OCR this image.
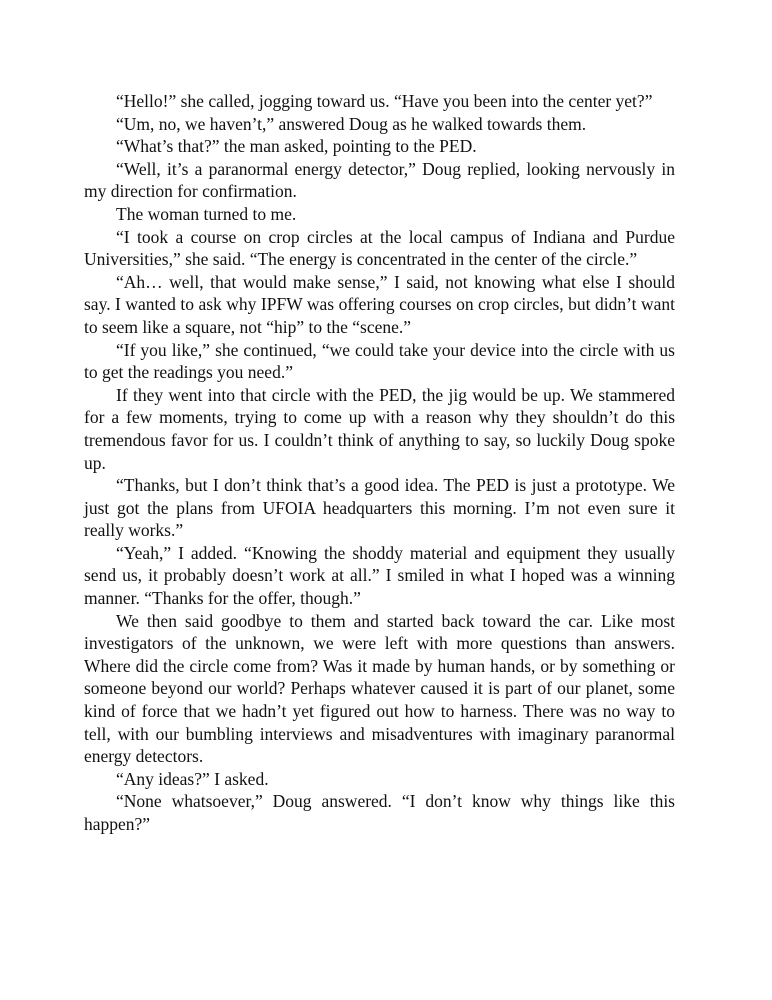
“Hello!” she called, jogging toward us. “Have you been into the center yet?”

“Um, no, we haven’t,” answered Doug as he walked towards them.

“What’s that?” the man asked, pointing to the PED.

“Well, it’s a paranormal energy detector,” Doug replied, looking nervously in my direction for confirmation.

The woman turned to me.

“I took a course on crop circles at the local campus of Indiana and Purdue Universities,” she said. “The energy is concentrated in the center of the circle.”

“Ah… well, that would make sense,” I said, not knowing what else I should say. I wanted to ask why IPFW was offering courses on crop circles, but didn’t want to seem like a square, not “hip” to the “scene.”

“If you like,” she continued, “we could take your device into the circle with us to get the readings you need.”

If they went into that circle with the PED, the jig would be up. We stammered for a few moments, trying to come up with a reason why they shouldn’t do this tremendous favor for us. I couldn’t think of anything to say, so luckily Doug spoke up.

“Thanks, but I don’t think that’s a good idea. The PED is just a prototype. We just got the plans from UFOIA headquarters this morning. I’m not even sure it really works.”

“Yeah,” I added. “Knowing the shoddy material and equipment they usually send us, it probably doesn’t work at all.” I smiled in what I hoped was a winning manner. “Thanks for the offer, though.”

We then said goodbye to them and started back toward the car. Like most investigators of the unknown, we were left with more questions than answers. Where did the circle come from? Was it made by human hands, or by something or someone beyond our world? Perhaps whatever caused it is part of our planet, some kind of force that we hadn’t yet figured out how to harness. There was no way to tell, with our bumbling interviews and misadventures with imaginary paranormal energy detectors.

“Any ideas?” I asked.

“None whatsoever,” Doug answered. “I don’t know why things like this happen?”
